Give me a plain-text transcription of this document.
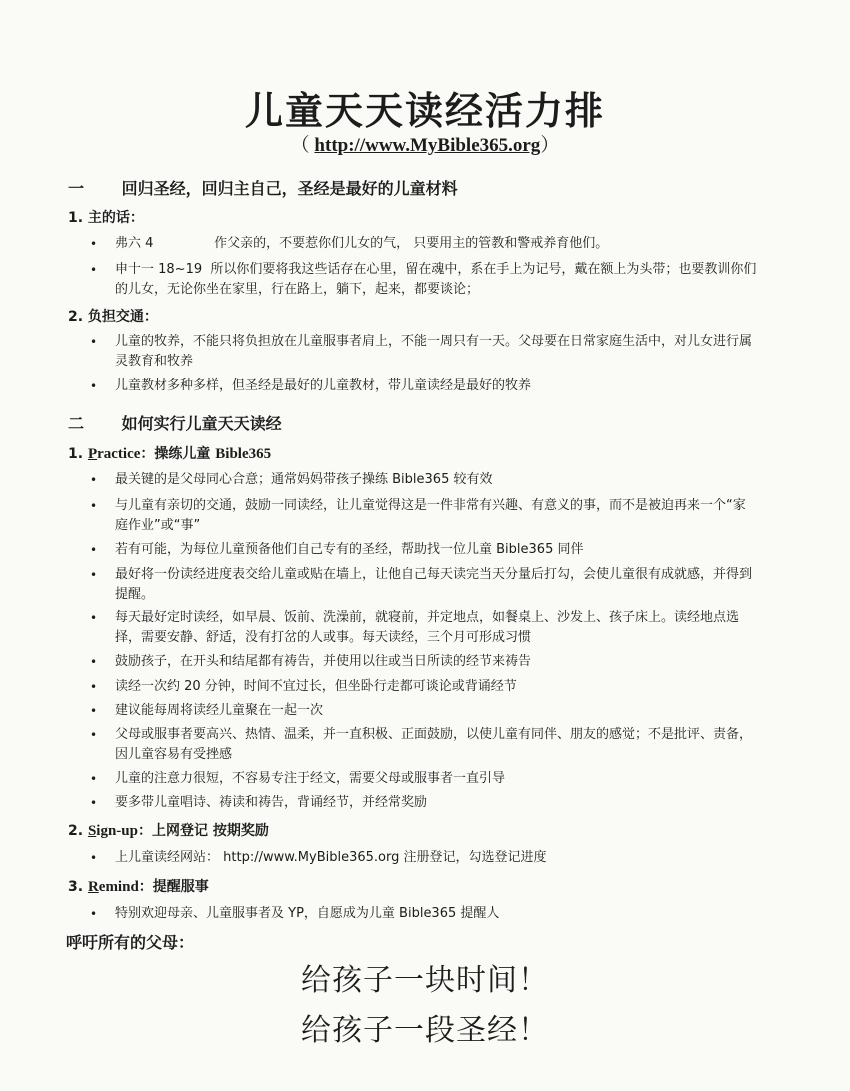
儿童天天读经活力排
（ http://www.MyBible365.org）
一 回归圣经，回归主自己，圣经是最好的儿童材料
1. 主的话：
• 弗六 4	作父亲的，不要惹你们儿女的气， 只要用主的管教和警戒养育他们。
• 申十一 18~19 所以你们要将我这些话存在心里，留在魂中，系在手上为记号，戴在额上为头带；也要教训你们的儿女，无论你坐在家里，行在路上，躺下，起来，都要谈论；
2. 负担交通：
• 儿童的牧养，不能只将负担放在儿童服事者肩上，不能一周只有一天。父母要在日常家庭生活中，对儿女进行属灵教育和牧养
• 儿童教材多种多样，但圣经是最好的儿童教材，带儿童读经是最好的牧养
二 如何实行儿童天天读经
1. Practice：操练儿童 Bible365
• 最关键的是父母同心合意；通常妈妈带孩子操练 Bible365 较有效
• 与儿童有亲切的交通，鼓励一同读经，让儿童觉得这是一件非常有兴趣、有意义的事，而不是被迫再来一个“家庭作业”或“事”
• 若有可能，为每位儿童预备他们自己专有的圣经，帮助找一位儿童 Bible365 同伴
• 最好将一份读经进度表交给儿童或贴在墙上，让他自己每天读完当天分量后打勾，会使儿童很有成就感，并得到提醒。
• 每天最好定时读经，如早晨、饭前、洗澡前，就寝前，并定地点，如餐桌上、沙发上、孩子床上。读经地点选择，需要安静、舒适，没有打岔的人或事。每天读经，三个月可形成习惯
• 鼓励孩子，在开头和结尾都有祷告，并使用以往或当日所读的经节来祷告
• 读经一次约 20 分钟，时间不宜过长，但坐卧行走都可谈论或背诵经节
• 建议能每周将读经儿童聚在一起一次
• 父母或服事者要高兴、热情、温柔，并一直积极、正面鼓励，以使儿童有同伴、朋友的感觉；不是批评、责备，因儿童容易有受挫感
• 儿童的注意力很短，不容易专注于经文，需要父母或服事者一直引导
• 要多带儿童唱诗、祷读和祷告，背诵经节，并经常奖励
2. Sign-up：上网登记 按期奖励
• 上儿童读经网站： http://www.MyBible365.org 注册登记，勾选登记进度
3. Remind：提醒服事
• 特别欢迎母亲、儿童服事者及 YP，自愿成为儿童 Bible365 提醒人
呼吁所有的父母：
给孩子一块时间！
给孩子一段圣经！
